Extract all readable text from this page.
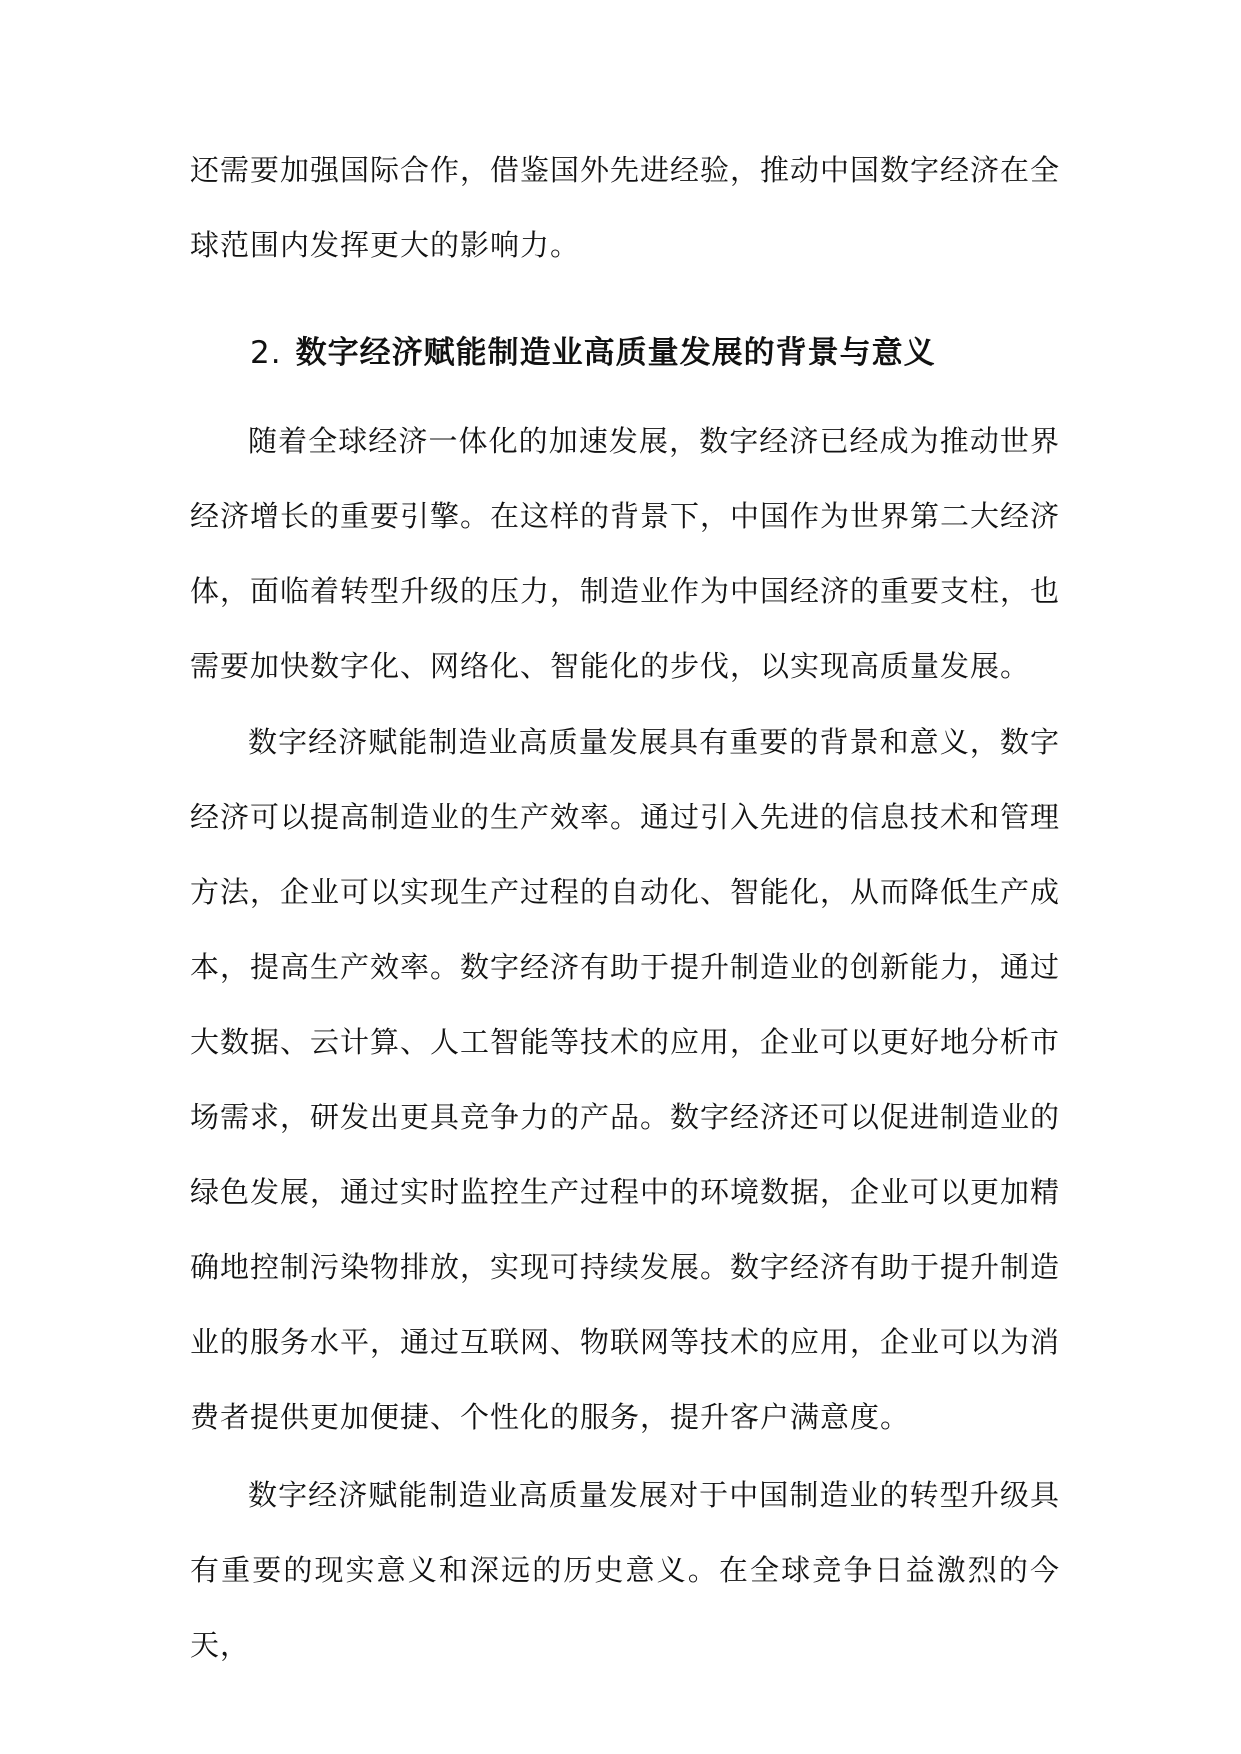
还需要加强国际合作，借鉴国外先进经验，推动中国数字经济在全球范围内发挥更大的影响力。

2. 数字经济赋能制造业高质量发展的背景与意义

随着全球经济一体化的加速发展，数字经济已经成为推动世界经济增长的重要引擎。在这样的背景下，中国作为世界第二大经济体，面临着转型升级的压力，制造业作为中国经济的重要支柱，也需要加快数字化、网络化、智能化的步伐，以实现高质量发展。

数字经济赋能制造业高质量发展具有重要的背景和意义，数字经济可以提高制造业的生产效率。通过引入先进的信息技术和管理方法，企业可以实现生产过程的自动化、智能化，从而降低生产成本，提高生产效率。数字经济有助于提升制造业的创新能力，通过大数据、云计算、人工智能等技术的应用，企业可以更好地分析市场需求，研发出更具竞争力的产品。数字经济还可以促进制造业的绿色发展，通过实时监控生产过程中的环境数据，企业可以更加精确地控制污染物排放，实现可持续发展。数字经济有助于提升制造业的服务水平，通过互联网、物联网等技术的应用，企业可以为消费者提供更加便捷、个性化的服务，提升客户满意度。

数字经济赋能制造业高质量发展对于中国制造业的转型升级具有重要的现实意义和深远的历史意义。在全球竞争日益激烈的今天，
